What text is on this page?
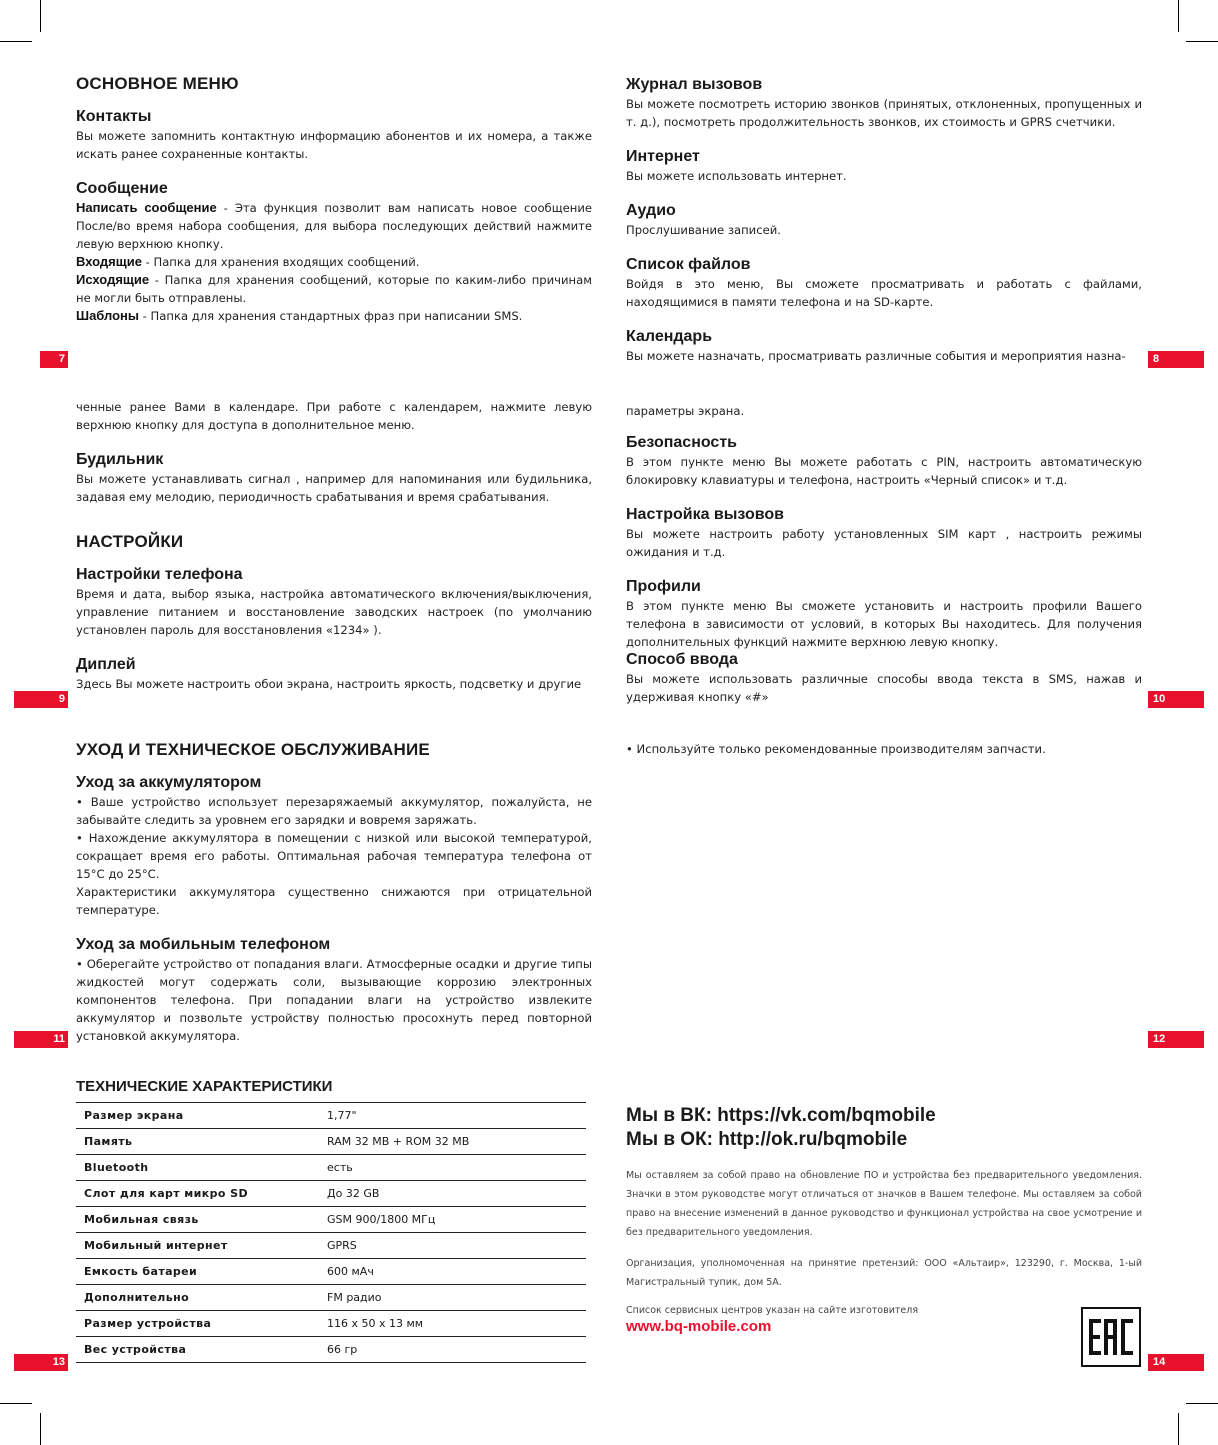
7	8
9	10
11	12
13	14
ОСНОВНОЕ МЕНЮ
Контакты

Вы можете запомнить контактную информацию абонентов и их номера, а также искать ранее сохраненные контакты.

Сообщение

Написать сообщение - Эта функция позволит вам написать новое сообщение После/во время набора сообщения, для выбора последующих действий нажмите левую верхнюю кнопку.

Входящие - Папка для хранения входящих сообщений.

Исходящие - Папка для хранения сообщений, которые по каким-либо причинам не могли быть отправлены.

Шаблоны - Папка для хранения стандартных фраз при написании SMS.

Журнал вызовов

Вы можете посмотреть историю звонков (принятых, отклоненных, пропущенных и т. д.), посмотреть продолжительность звонков, их стоимость и GPRS счетчики.

Интернет

Вы можете использовать интернет.

Аудио

Прослушивание записей.

Список файлов

Войдя в это меню, Вы сможете просматривать и работать с файлами, находящимися в памяти телефона и на SD-карте.

Календарь

Вы можете назначать, просматривать различные события и мероприятия назна-

ченные ранее Вами в календаре. При работе с календарем, нажмите левую верхнюю кнопку для доступа в дополнительное меню.

Будильник

Вы можете устанавливать сигнал , например для напоминания или будильника, задавая ему мелодию, периодичность срабатывания и время срабатывания.

НАСТРОЙКИ
Настройки телефона

Время и дата, выбор языка, настройка автоматического включения/выключения, управление питанием и восстановление заводских настроек (по умолчанию установлен пароль для восстановления «1234» ).

Диплей

Здесь Вы можете настроить обои экрана, настроить яркость, подсветку и другие

параметры экрана.

Безопасность

В этом пункте меню Вы можете работать с PIN, настроить автоматическую блокировку клавиатуры и телефона, настроить «Черный список» и т.д.

Настройка вызовов

Вы можете настроить работу установленных SIM карт , настроить режимы ожидания и т.д.

Профили

В этом пункте меню Вы сможете установить и настроить профили Вашего телефона в зависимости от условий, в которых Вы находитесь. Для получения дополнительных функций нажмите верхнюю левую кнопку.

Способ ввода

Вы можете использовать различные способы ввода текста в SMS, нажав и удерживая кнопку «#»

УХОД И ТЕХНИЧЕСКОЕ ОБСЛУЖИВАНИЕ
Уход за аккумулятором

• Ваше устройство использует перезаряжаемый аккумулятор, пожалуйста, не забывайте следить за уровнем его зарядки и вовремя заряжать.

• Нахождение аккумулятора в помещении с низкой или высокой температурой, сокращает время его работы. Оптимальная рабочая температура телефона от 15°С до 25°С.

Характеристики аккумулятора существенно снижаются при отрицательной температуре.

Уход за мобильным телефоном

• Оберегайте устройство от попадания влаги. Атмосферные осадки и другие типы жидкостей могут содержать соли, вызывающие коррозию электронных компонентов телефона. При попадании влаги на устройство извлеките аккумулятор и позвольте устройству полностью просохнуть перед повторной установкой аккумулятора.

• Используйте только рекомендованные производителям запчасти.

ТЕХНИЧЕСКИЕ ХАРАКТЕРИСТИКИ
Размер экрана	1,77"
Память	RAM 32 MB + ROM 32 MB
Bluetooth	есть
Слот для карт микро SD	До 32 GB
Мобильная связь	GSM 900/1800 МГц
Мобильный интернет	GPRS
Емкость батареи	600 мАч
Дополнительно	FM радио
Размер устройства	116 x 50 x 13 мм
Вес устройства	66 гр
Мы в ВК: https://vk.com/bqmobile
Мы в ОК: http://ok.ru/bqmobile

Мы оставляем за собой право на обновление ПО и устройства без предварительного уведомления. Значки в этом руководстве могут отличаться от значков в Вашем телефоне. Мы оставляем за собой право на внесение изменений в данное руководство и функционал устройства на свое усмотрение и без предварительного уведомления.

Организация, уполномоченная на принятие претензий: ООО «Альтаир», 123290, г. Москва, 1-ый Магистральный тупик, дом 5А.

Список сервисных центров указан на сайте изготовителя

www.bq-mobile.com
